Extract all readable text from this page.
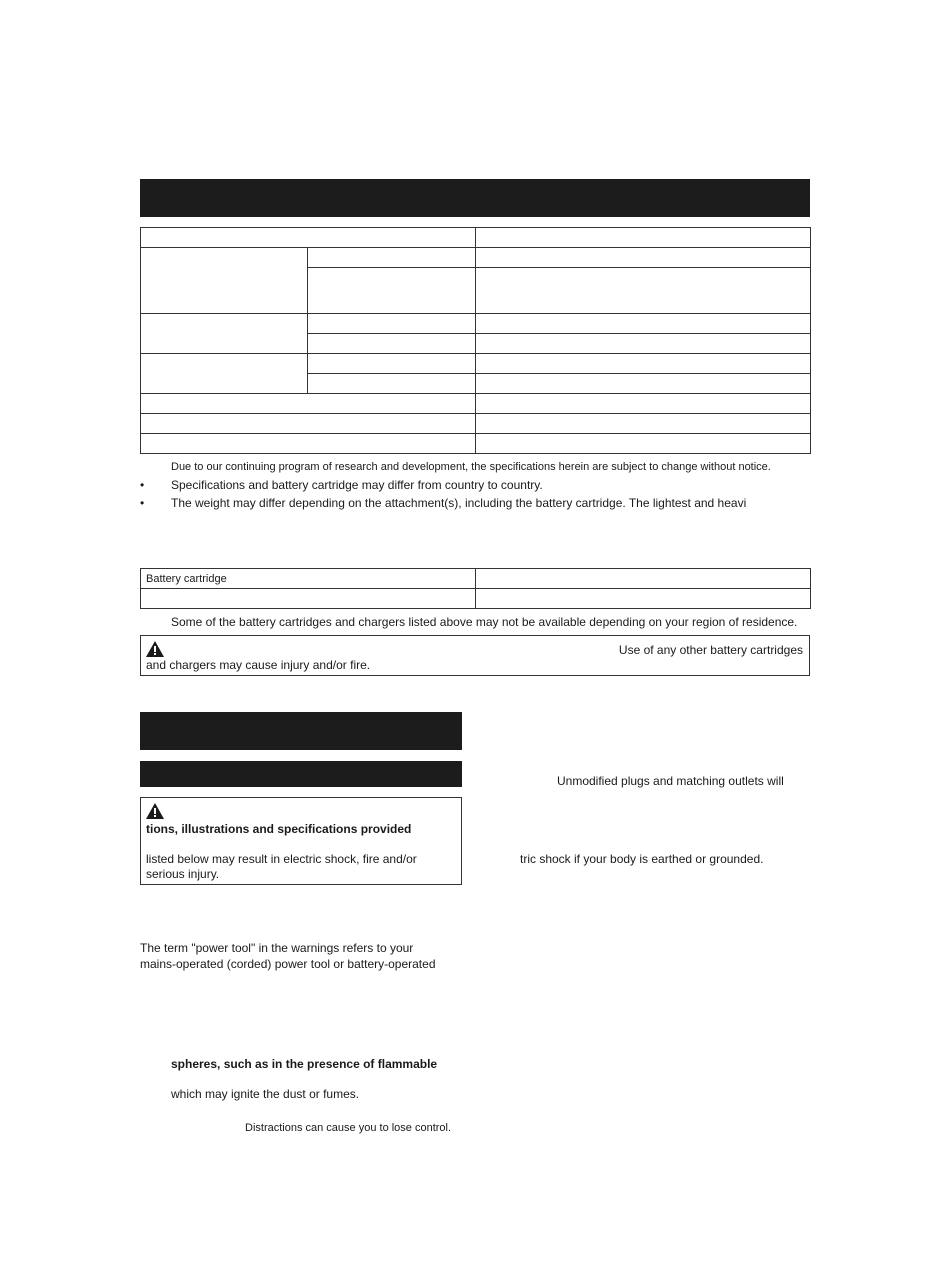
Due to our continuing program of research and development, the specifications herein are subject to change without notice.
• Specifications and battery cartridge may differ from country to country.
• The weight may differ depending on the attachment(s), including the battery cartridge. The lightest and heavi
Battery cartridge	

Some of the battery cartridges and chargers listed above may not be available depending on your region of residence.
Use of any other battery cartridges
and chargers may cause injury and/or fire.
tions, illustrations and specifications provided
listed below may result in electric shock, fire and/or
serious injury.
The term "power tool" in the warnings refers to your
mains-operated (corded) power tool or battery-operated
spheres, such as in the presence of flammable
which may ignite the dust or fumes.
Distractions can cause you to lose control.
Unmodified plugs and matching outlets will
tric shock if your body is earthed or grounded.
